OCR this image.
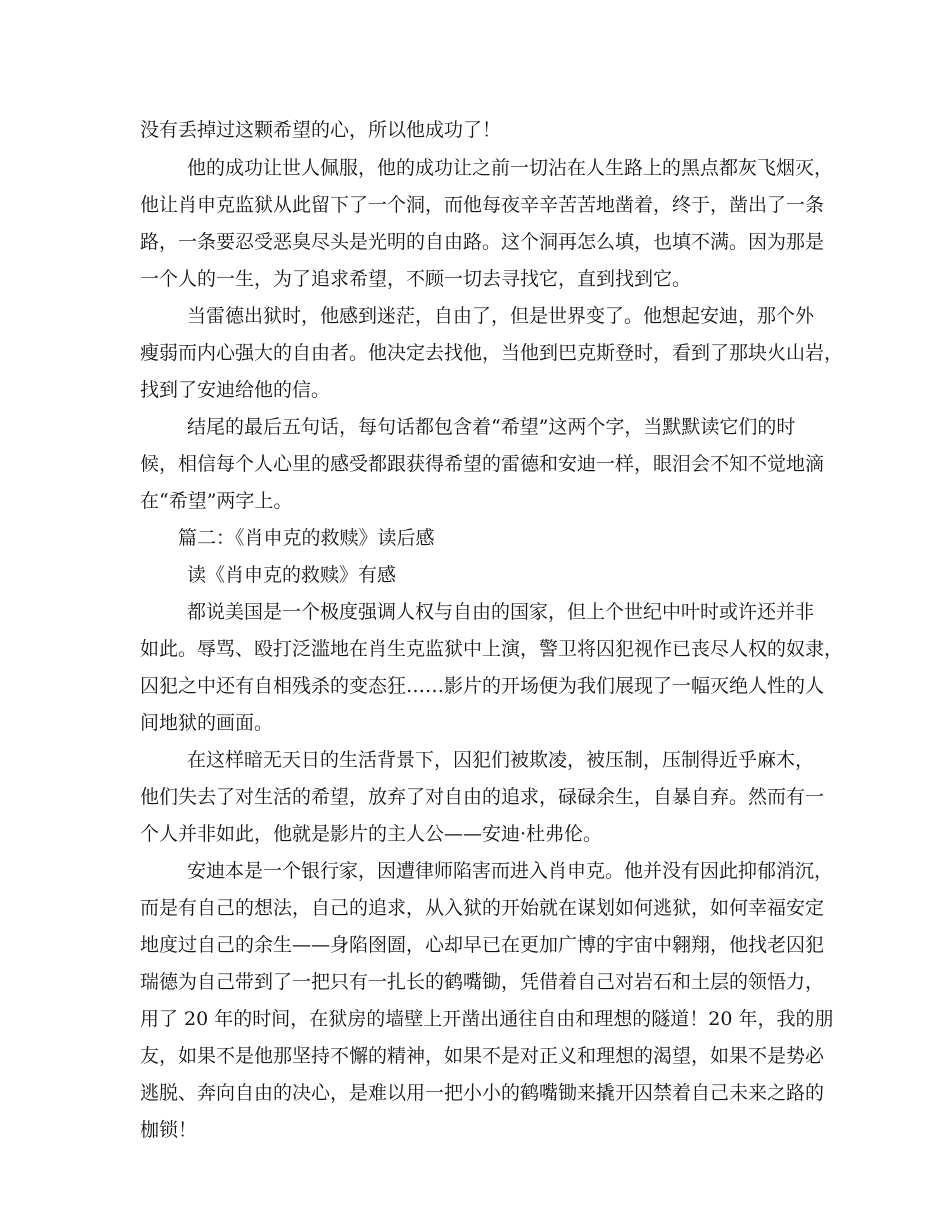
没有丢掉过这颗希望的心，所以他成功了！

他的成功让世人佩服，他的成功让之前一切沾在人生路上的黑点都灰飞烟灭，

他让肖申克监狱从此留下了一个洞，而他每夜辛辛苦苦地凿着，终于，凿出了一条

路，一条要忍受恶臭尽头是光明的自由路。这个洞再怎么填，也填不满。因为那是

一个人的一生，为了追求希望，不顾一切去寻找它，直到找到它。

当雷德出狱时，他感到迷茫，自由了，但是世界变了。他想起安迪，那个外

瘦弱而内心强大的自由者。他决定去找他，当他到巴克斯登时，看到了那块火山岩，

找到了安迪给他的信。

结尾的最后五句话，每句话都包含着“希望”这两个字，当默默读它们的时

候，相信每个人心里的感受都跟获得希望的雷德和安迪一样，眼泪会不知不觉地滴

在“希望”两字上。

篇二：《肖申克的救赎》读后感

读《肖申克的救赎》有感

都说美国是一个极度强调人权与自由的国家，但上个世纪中叶时或许还并非

如此。辱骂、殴打泛滥地在肖生克监狱中上演，警卫将囚犯视作已丧尽人权的奴隶，

囚犯之中还有自相残杀的变态狂……影片的开场便为我们展现了一幅灭绝人性的人

间地狱的画面。

在这样暗无天日的生活背景下，囚犯们被欺凌，被压制，压制得近乎麻木，

他们失去了对生活的希望，放弃了对自由的追求，碌碌余生，自暴自弃。然而有一

个人并非如此，他就是影片的主人公——安迪·杜弗伦。

安迪本是一个银行家，因遭律师陷害而进入肖申克。他并没有因此抑郁消沉，

而是有自己的想法，自己的追求，从入狱的开始就在谋划如何逃狱，如何幸福安定

地度过自己的余生——身陷囹圄，心却早已在更加广博的宇宙中翱翔，他找老囚犯

瑞德为自己带到了一把只有一扎长的鹤嘴锄，凭借着自己对岩石和土层的领悟力，

用了 20 年的时间，在狱房的墙壁上开凿出通往自由和理想的隧道！20 年，我的朋

友，如果不是他那坚持不懈的精神，如果不是对正义和理想的渴望，如果不是势必

逃脱、奔向自由的决心，是难以用一把小小的鹤嘴锄来撬开囚禁着自己未来之路的

枷锁！
